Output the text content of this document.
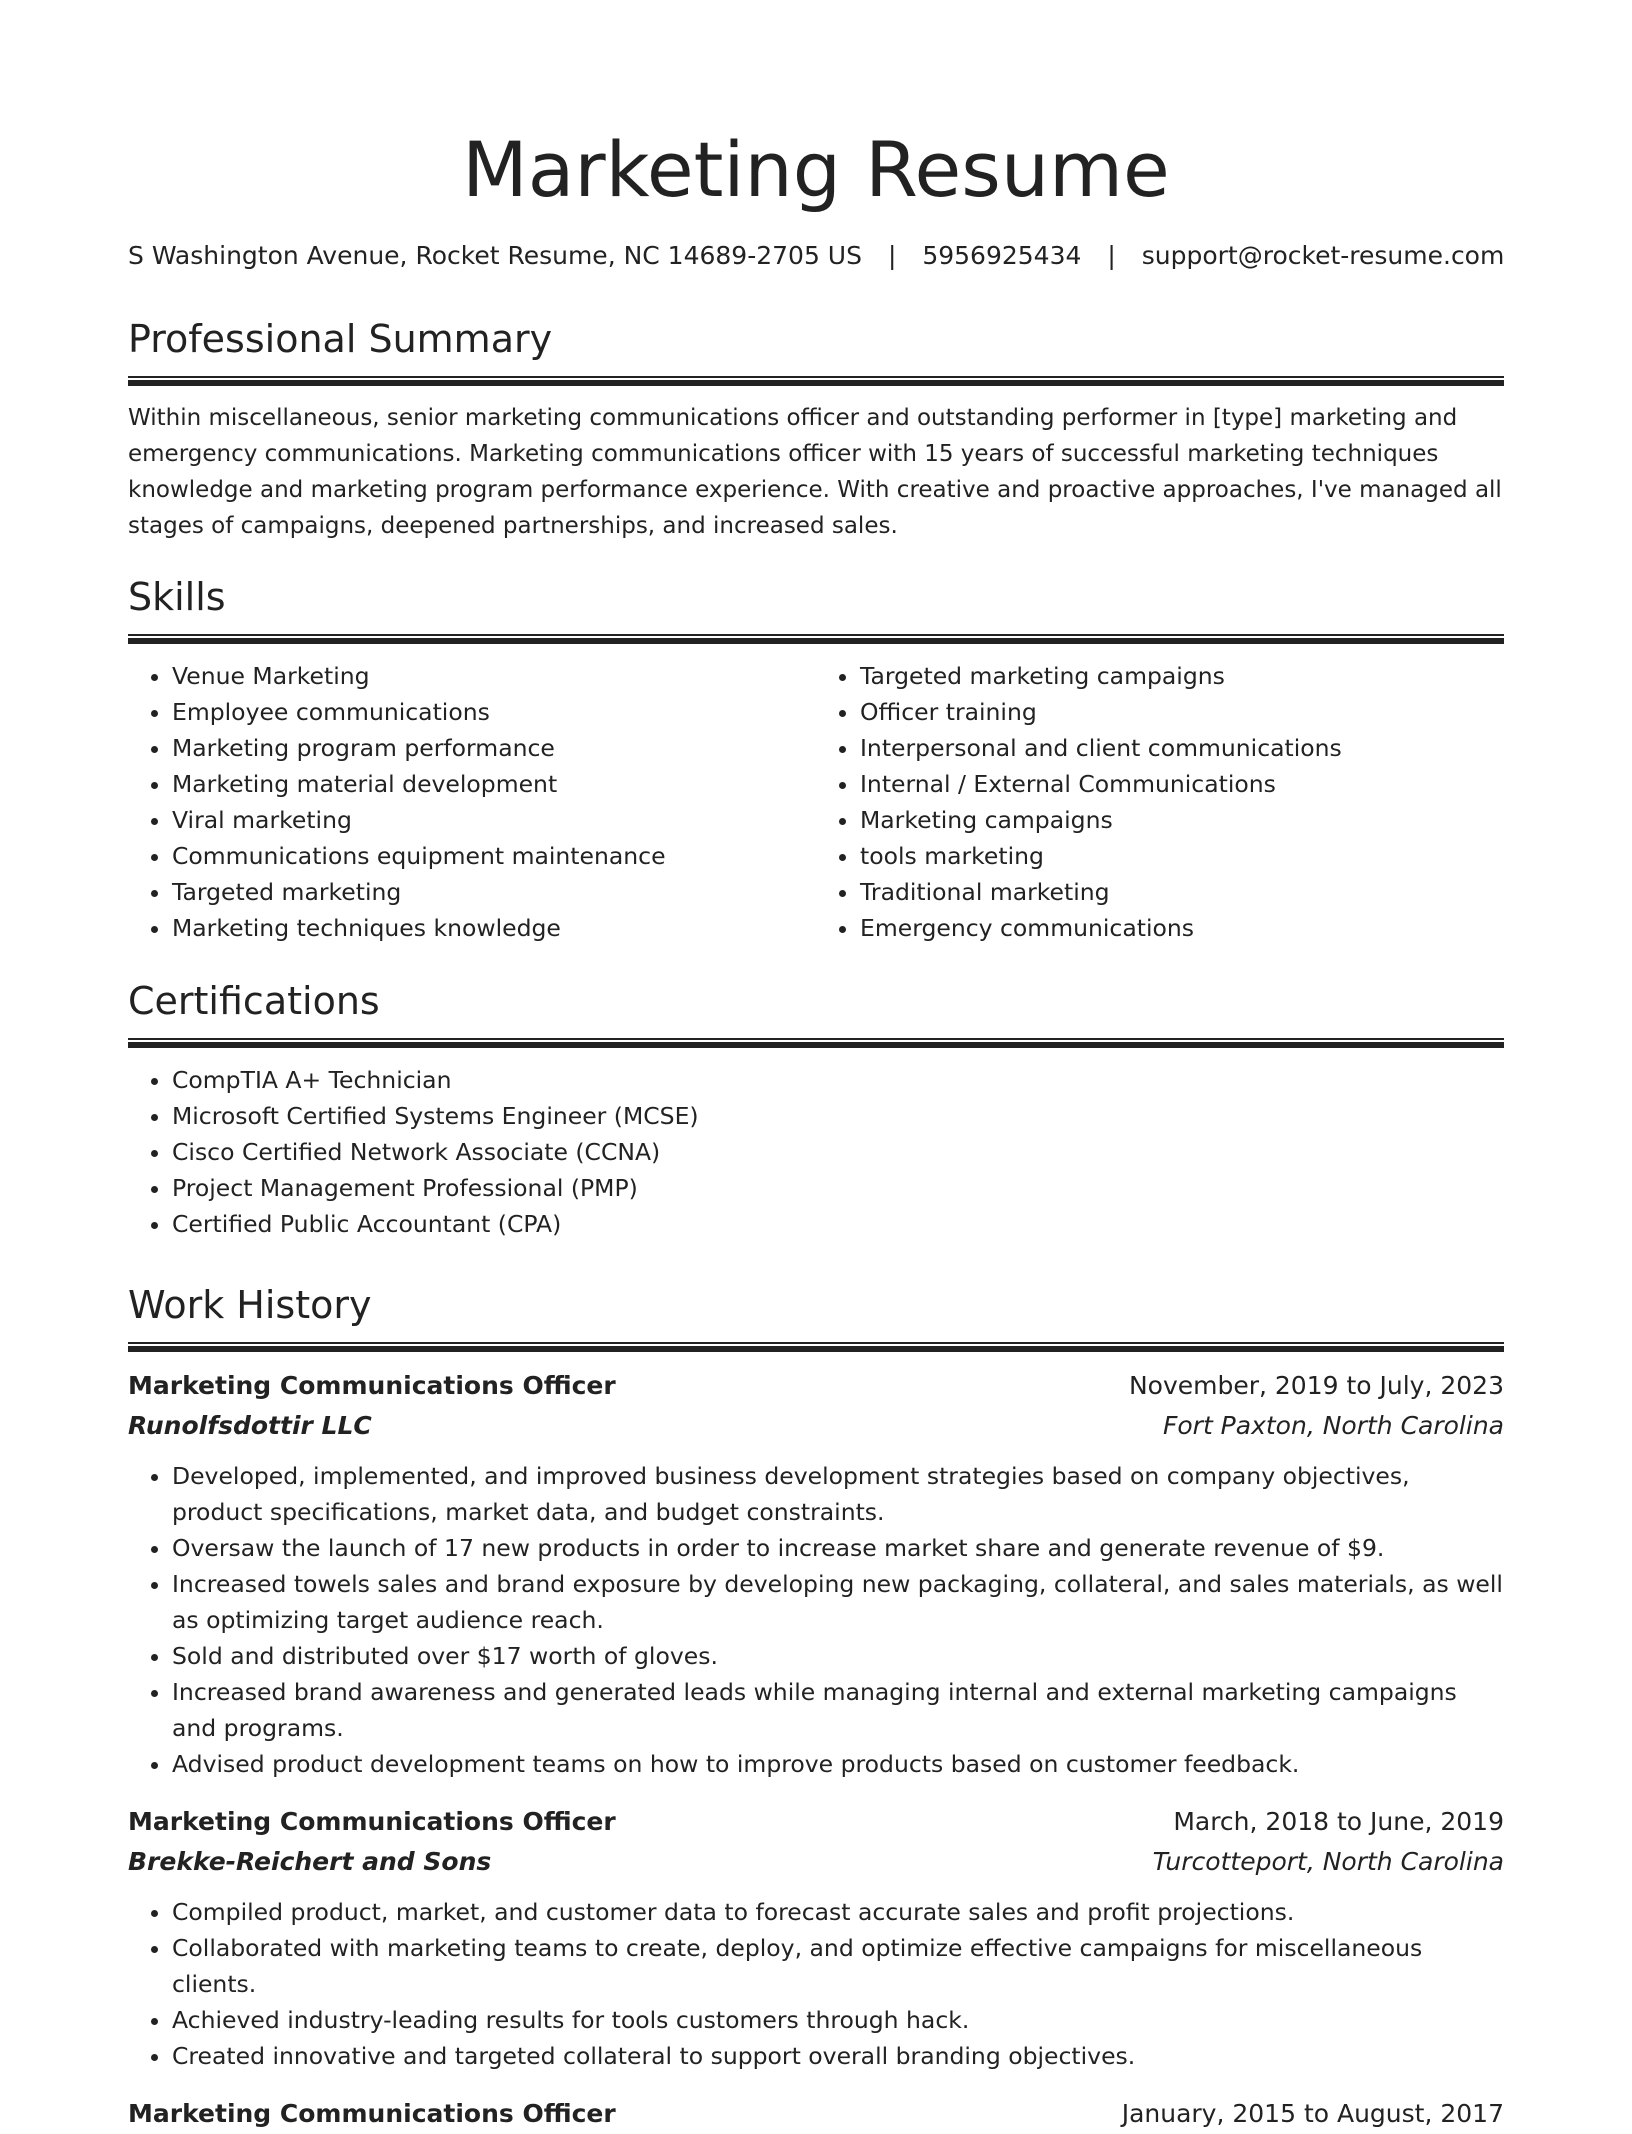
Marketing Resume
S Washington Avenue, Rocket Resume, NC 14689-2705 US | 5956925434 | support@rocket-resume.com
Professional Summary
Within miscellaneous, senior marketing communications officer and outstanding performer in [type] marketing and emergency communications. Marketing communications officer with 15 years of successful marketing techniques knowledge and marketing program performance experience. With creative and proactive approaches, I've managed all stages of campaigns, deepened partnerships, and increased sales.
Skills
• Venue Marketing
• Employee communications
• Marketing program performance
• Marketing material development
• Viral marketing
• Communications equipment maintenance
• Targeted marketing
• Marketing techniques knowledge
• Targeted marketing campaigns
• Officer training
• Interpersonal and client communications
• Internal / External Communications
• Marketing campaigns
• tools marketing
• Traditional marketing
• Emergency communications
Certifications
• CompTIA A+ Technician
• Microsoft Certified Systems Engineer (MCSE)
• Cisco Certified Network Associate (CCNA)
• Project Management Professional (PMP)
• Certified Public Accountant (CPA)
Work History
Marketing Communications Officer	November, 2019 to July, 2023
Runolfsdottir LLC	Fort Paxton, North Carolina
• Developed, implemented, and improved business development strategies based on company objectives, product specifications, market data, and budget constraints.
• Oversaw the launch of 17 new products in order to increase market share and generate revenue of $9.
• Increased towels sales and brand exposure by developing new packaging, collateral, and sales materials, as well as optimizing target audience reach.
• Sold and distributed over $17 worth of gloves.
• Increased brand awareness and generated leads while managing internal and external marketing campaigns and programs.
• Advised product development teams on how to improve products based on customer feedback.
Marketing Communications Officer	March, 2018 to June, 2019
Brekke-Reichert and Sons	Turcotteport, North Carolina
• Compiled product, market, and customer data to forecast accurate sales and profit projections.
• Collaborated with marketing teams to create, deploy, and optimize effective campaigns for miscellaneous clients.
• Achieved industry-leading results for tools customers through hack.
• Created innovative and targeted collateral to support overall branding objectives.
Marketing Communications Officer	January, 2015 to August, 2017
